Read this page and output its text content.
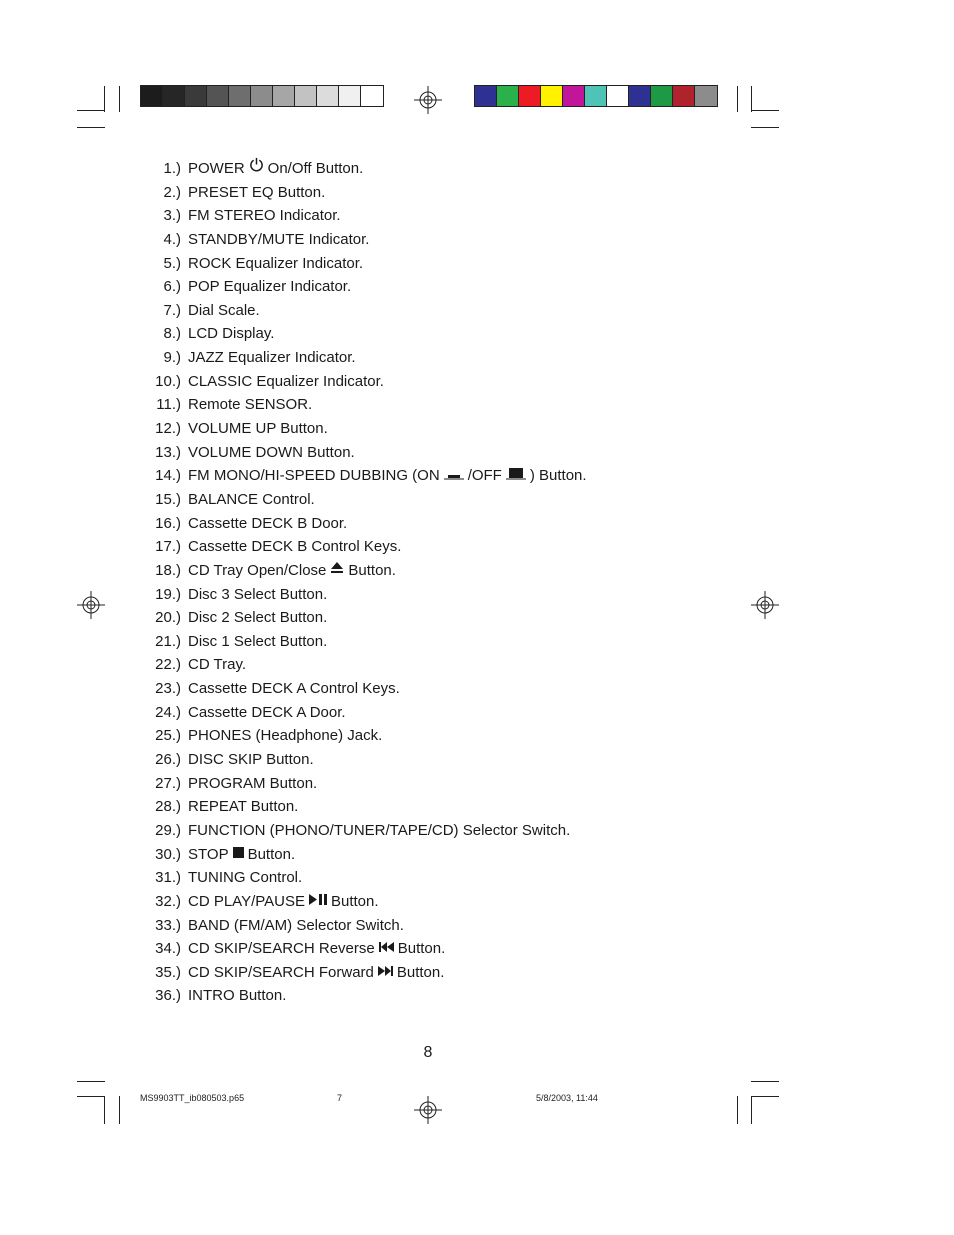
1.) POWER On/Off Button.
2.) PRESET EQ Button.
3.) FM STEREO Indicator.
4.) STANDBY/MUTE Indicator.
5.) ROCK Equalizer Indicator.
6.) POP Equalizer Indicator.
7.) Dial Scale.
8.) LCD Display.
9.) JAZZ Equalizer Indicator.
10.) CLASSIC Equalizer Indicator.
11.) Remote SENSOR.
12.) VOLUME UP Button.
13.) VOLUME DOWN Button.
14.) FM MONO/HI-SPEED DUBBING (ON /OFF ) Button.
15.) BALANCE Control.
16.) Cassette DECK B Door.
17.) Cassette DECK B Control Keys.
18.) CD Tray Open/Close Button.
19.) Disc 3 Select Button.
20.) Disc 2 Select Button.
21.) Disc 1 Select Button.
22.) CD Tray.
23.) Cassette DECK A Control Keys.
24.) Cassette DECK A Door.
25.) PHONES (Headphone) Jack.
26.) DISC SKIP Button.
27.) PROGRAM Button.
28.) REPEAT Button.
29.) FUNCTION (PHONO/TUNER/TAPE/CD) Selector Switch.
30.) STOP Button.
31.) TUNING Control.
32.) CD PLAY/PAUSE Button.
33.) BAND (FM/AM) Selector Switch.
34.) CD SKIP/SEARCH Reverse Button.
35.) CD SKIP/SEARCH Forward Button.
36.) INTRO Button.
8
MS9903TT_ib080503.p65	7	5/8/2003, 11:44
